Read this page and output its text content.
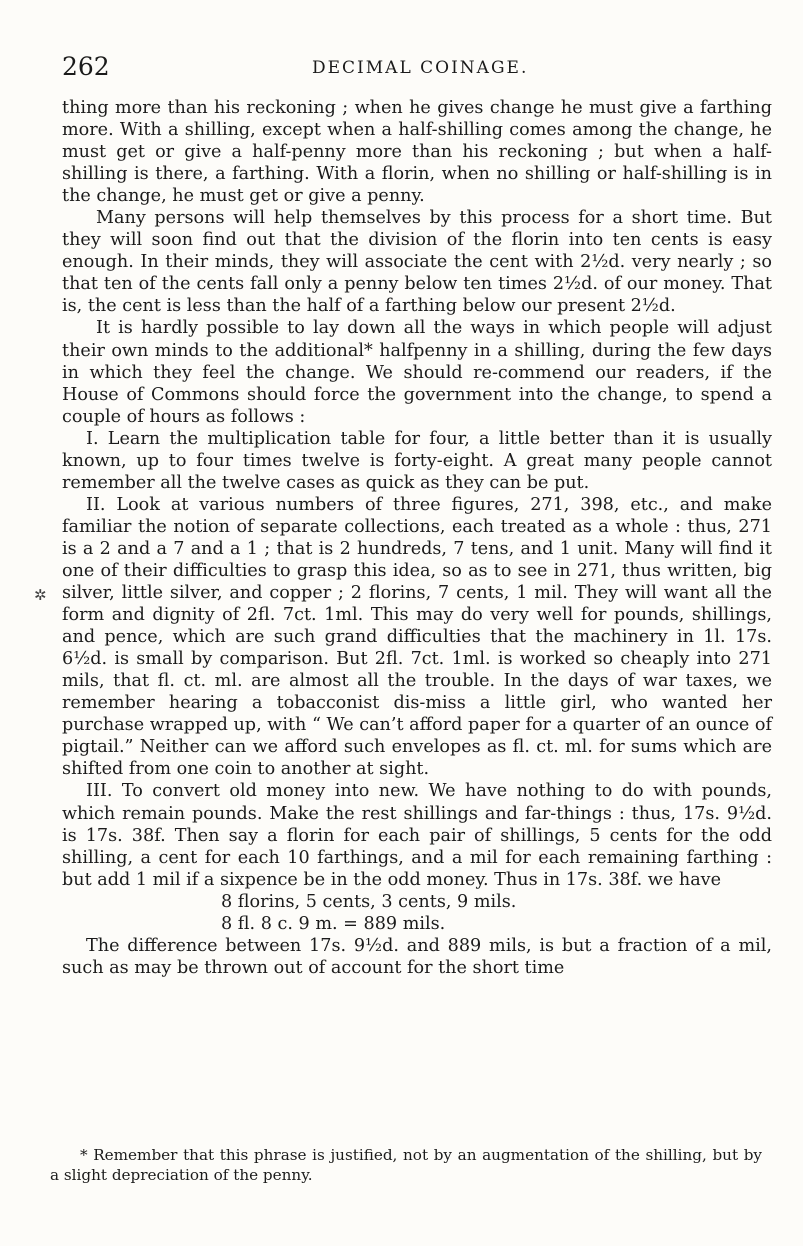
262	DECIMAL COINAGE.
✲

thing more than his reckoning ; when he gives change he must give a farthing more. With a shilling, except when a half-shilling comes among the change, he must get or give a half-penny more than his reckoning ; but when a half-shilling is there, a farthing. With a florin, when no shilling or half-shilling is in the change, he must get or give a penny.

Many persons will help themselves by this process for a short time. But they will soon find out that the division of the florin into ten cents is easy enough. In their minds, they will associate the cent with 2½d. very nearly ; so that ten of the cents fall only a penny below ten times 2½d. of our money. That is, the cent is less than the half of a farthing below our present 2½d.

It is hardly possible to lay down all the ways in which people will adjust their own minds to the additional* halfpenny in a shilling, during the few days in which they feel the change. We should re-commend our readers, if the House of Commons should force the government into the change, to spend a couple of hours as follows :

I. Learn the multiplication table for four, a little better than it is usually known, up to four times twelve is forty-eight. A great many people cannot remember all the twelve cases as quick as they can be put.

II. Look at various numbers of three figures, 271, 398, etc., and make familiar the notion of separate collections, each treated as a whole : thus, 271 is a 2 and a 7 and a 1 ; that is 2 hundreds, 7 tens, and 1 unit. Many will find it one of their difficulties to grasp this idea, so as to see in 271, thus written, big silver, little silver, and copper ; 2 florins, 7 cents, 1 mil. They will want all the form and dignity of 2fl. 7ct. 1ml. This may do very well for pounds, shillings, and pence, which are such grand difficulties that the machinery in 1l. 17s. 6½d. is small by comparison. But 2fl. 7ct. 1ml. is worked so cheaply into 271 mils, that fl. ct. ml. are almost all the trouble. In the days of war taxes, we remember hearing a tobacconist dis-miss a little girl, who wanted her purchase wrapped up, with “ We can’t afford paper for a quarter of an ounce of pigtail.” Neither can we afford such envelopes as fl. ct. ml. for sums which are shifted from one coin to another at sight.

III. To convert old money into new. We have nothing to do with pounds, which remain pounds. Make the rest shillings and far-things : thus, 17s. 9½d. is 17s. 38f. Then say a florin for each pair of shillings, 5 cents for the odd shilling, a cent for each 10 farthings, and a mil for each remaining farthing : but add 1 mil if a sixpence be in the odd money. Thus in 17s. 38f. we have

8 florins, 5 cents, 3 cents, 9 mils.

8 fl. 8 c. 9 m. = 889 mils.

The difference between 17s. 9½d. and 889 mils, is but a fraction of a mil, such as may be thrown out of account for the short time

* Remember that this phrase is justified, not by an augmentation of the shilling, but by a slight depreciation of the penny.
